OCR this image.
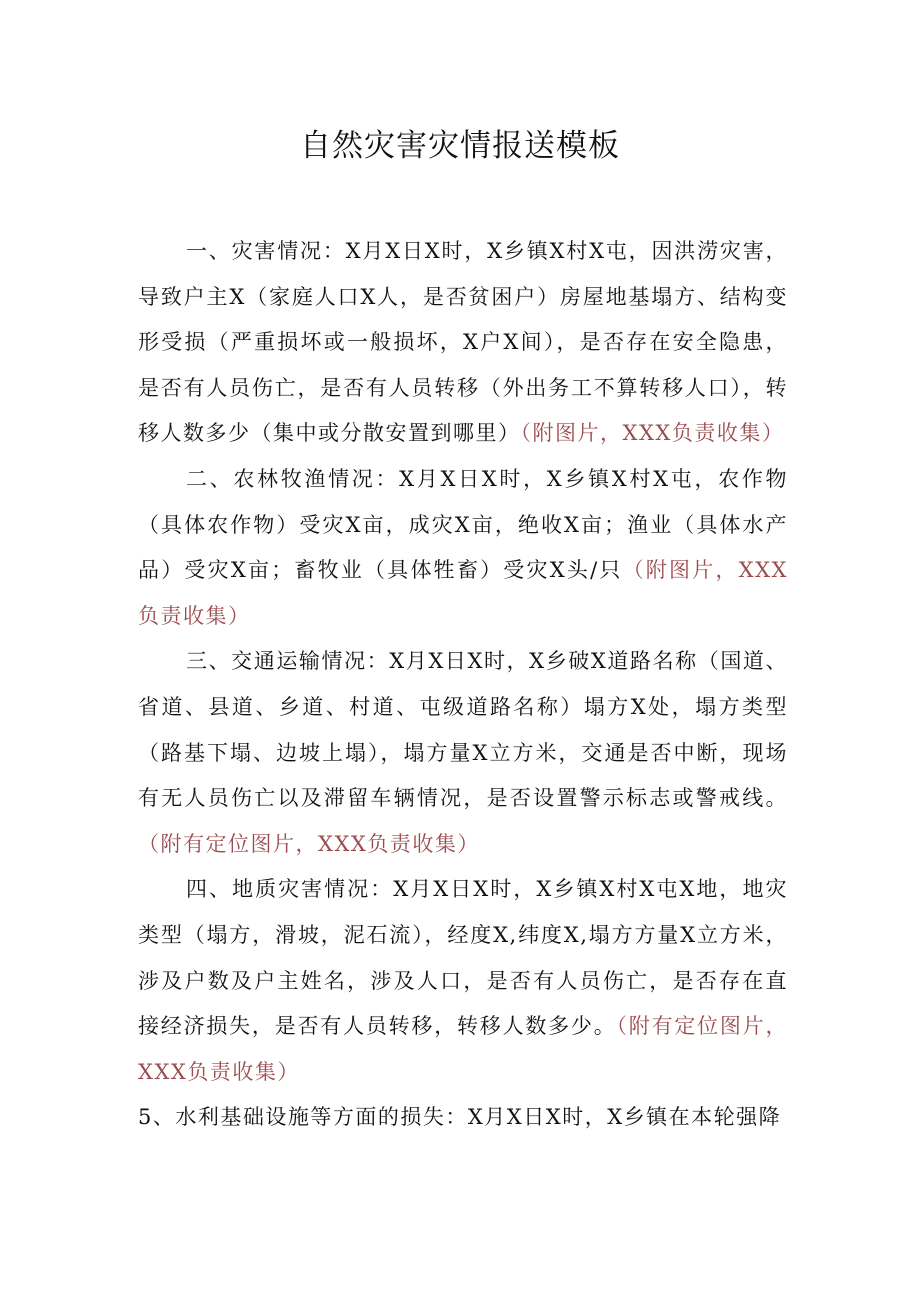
自然灾害灾情报送模板

一、灾害情况：X月X日X时，X乡镇X村X屯，因洪涝灾害，导致户主X（家庭人口X人，是否贫困户）房屋地基塌方、结构变形受损（严重损坏或一般损坏，X户X间），是否存在安全隐患，是否有人员伤亡，是否有人员转移（外出务工不算转移人口），转移人数多少（集中或分散安置到哪里）（附图片，XXX负责收集）

二、农林牧渔情况：X月X日X时，X乡镇X村X屯，农作物（具体农作物）受灾X亩，成灾X亩，绝收X亩；渔业（具体水产品）受灾X亩；畜牧业（具体牲畜）受灾X头/只（附图片，XXX负责收集）

三、交通运输情况：X月X日X时，X乡破X道路名称（国道、省道、县道、乡道、村道、屯级道路名称）塌方X处，塌方类型（路基下塌、边坡上塌），塌方量X立方米，交通是否中断，现场有无人员伤亡以及滞留车辆情况，是否设置警示标志或警戒线。（附有定位图片，XXX负责收集）

四、地质灾害情况：X月X日X时，X乡镇X村X屯X地，地灾类型（塌方，滑坡，泥石流），经度X,纬度X,塌方方量X立方米，涉及户数及户主姓名，涉及人口，是否有人员伤亡，是否存在直接经济损失，是否有人员转移，转移人数多少。（附有定位图片，XXX负责收集）

5、水利基础设施等方面的损失：X月X日X时，X乡镇在本轮强降
